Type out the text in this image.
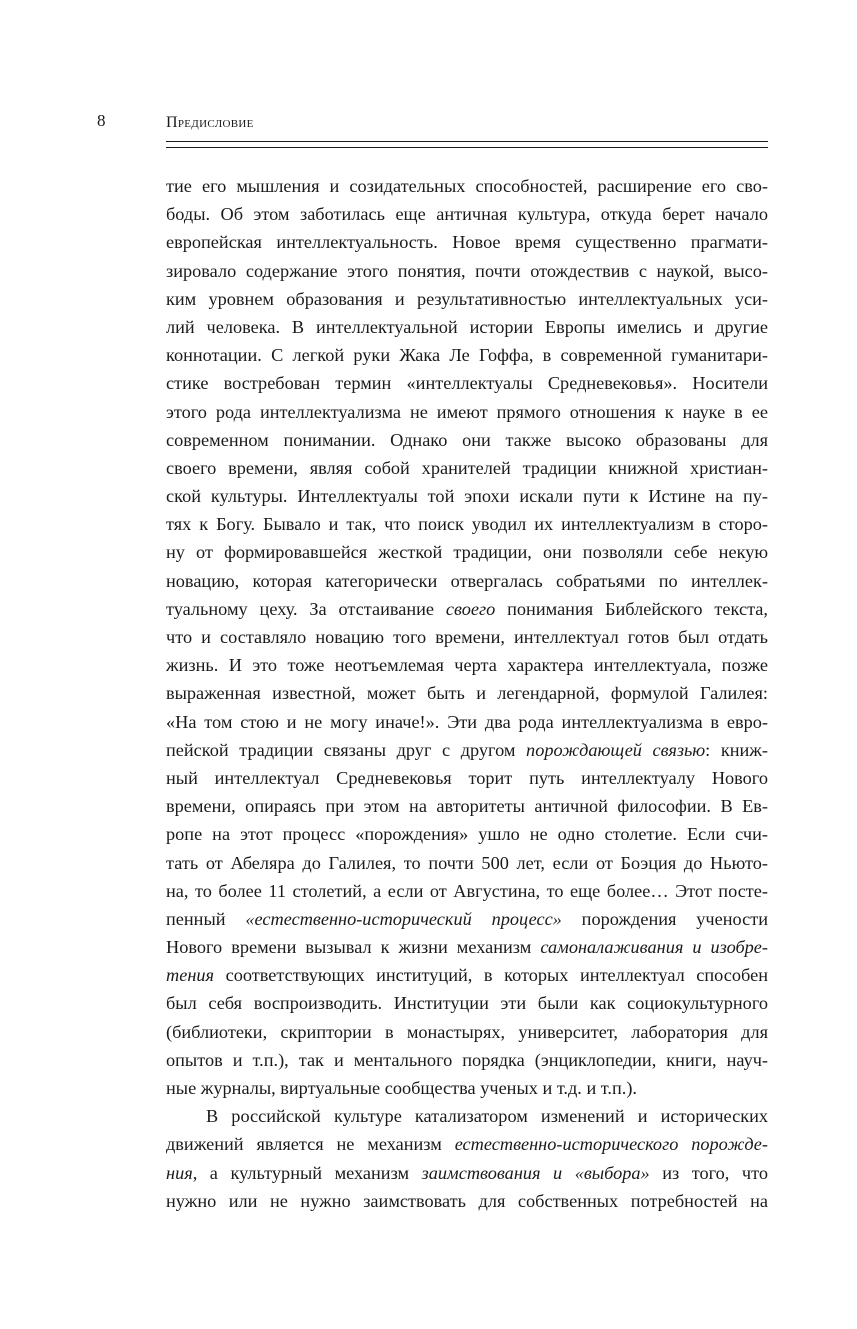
8	Предисловие
тие его мышления и созидательных способностей, расширение его сво-
боды. Об этом заботилась еще античная культура, откуда берет начало
европейская интеллектуальность. Новое время существенно прагмати-
зировало содержание этого понятия, почти отождествив с наукой, высо-
ким уровнем образования и результативностью интеллектуальных уси-
лий человека. В интеллектуальной истории Европы имелись и другие
коннотации. С легкой руки Жака Ле Гоффа, в современной гуманитари-
стике востребован термин «интеллектуалы Средневековья». Носители
этого рода интеллектуализма не имеют прямого отношения к науке в ее
современном понимании. Однако они также высоко образованы для
своего времени, являя собой хранителей традиции книжной христиан-
ской культуры. Интеллектуалы той эпохи искали пути к Истине на пу-
тях к Богу. Бывало и так, что поиск уводил их интеллектуализм в сторо-
ну от формировавшейся жесткой традиции, они позволяли себе некую
новацию, которая категорически отвергалась собратьями по интеллек-
туальному цеху. За отстаивание своего понимания Библейского текста,
что и составляло новацию того времени, интеллектуал готов был отдать
жизнь. И это тоже неотъемлемая черта характера интеллектуала, позже
выраженная известной, может быть и легендарной, формулой Галилея:
«На том стою и не могу иначе!». Эти два рода интеллектуализма в евро-
пейской традиции связаны друг с другом порождающей связью: книж-
ный интеллектуал Средневековья торит путь интеллектуалу Нового
времени, опираясь при этом на авторитеты античной философии. В Ев-
ропе на этот процесс «порождения» ушло не одно столетие. Если счи-
тать от Абеляра до Галилея, то почти 500 лет, если от Боэция до Ньюто-
на, то более 11 столетий, а если от Августина, то еще более… Этот посте-
пенный «естественно-исторический процесс» порождения учености
Нового времени вызывал к жизни механизм самоналаживания и изобре-
тения соответствующих институций, в которых интеллектуал способен
был себя воспроизводить. Институции эти были как социокультурного
(библиотеки, скриптории в монастырях, университет, лаборатория для
опытов и т.п.), так и ментального порядка (энциклопедии, книги, науч-
ные журналы, виртуальные сообщества ученых и т.д. и т.п.).
В российской культуре катализатором изменений и исторических
движений является не механизм естественно-исторического порожде-
ния, а культурный механизм заимствования и «выбора» из того, что
нужно или не нужно заимствовать для собственных потребностей на
